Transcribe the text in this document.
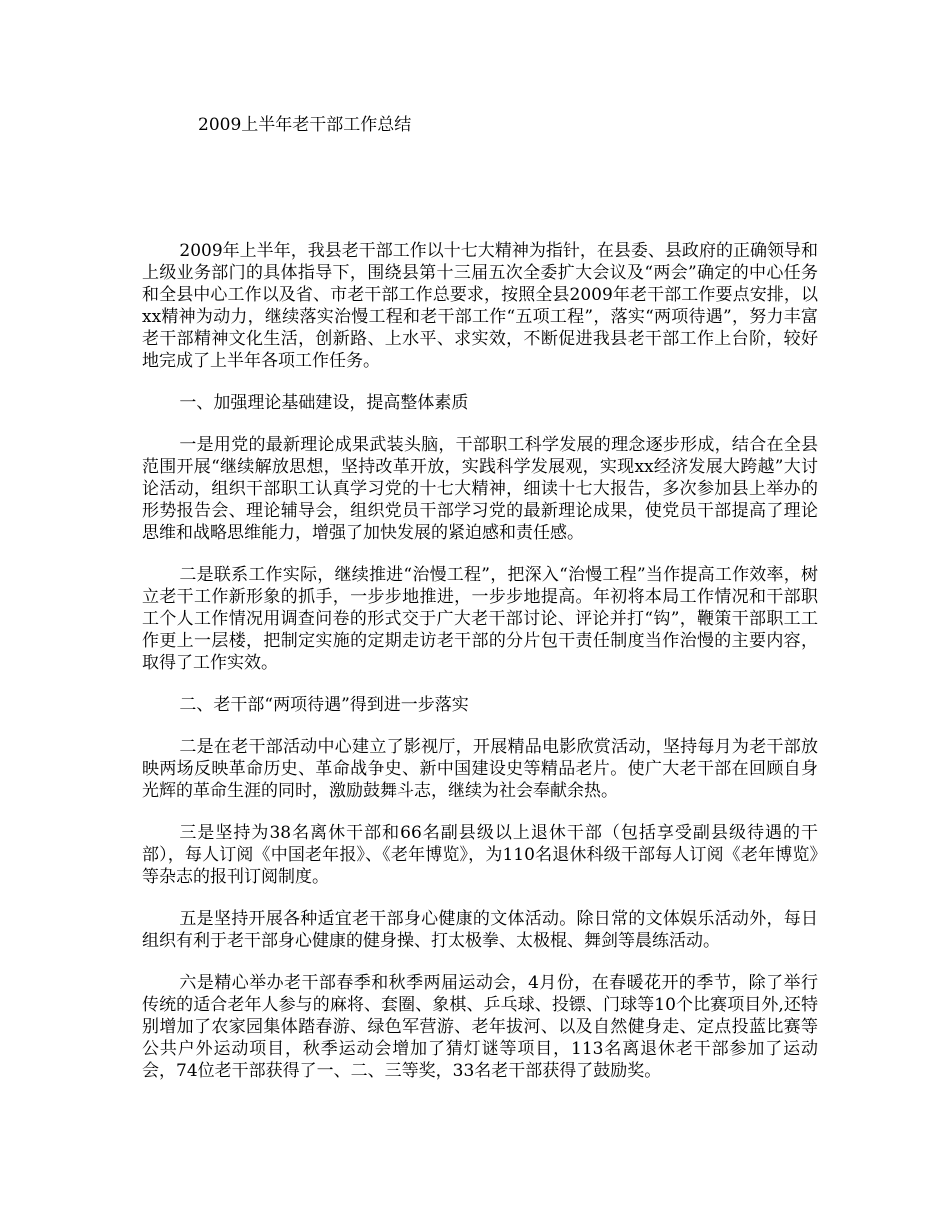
2009上半年老干部工作总结

2009年上半年，我县老干部工作以十七大精神为指针，在县委、县政府的正确领导和上级业务部门的具体指导下，围绕县第十三届五次全委扩大会议及“两会”确定的中心任务和全县中心工作以及省、市老干部工作总要求，按照全县2009年老干部工作要点安排，以xx精神为动力，继续落实治慢工程和老干部工作“五项工程”，落实“两项待遇”，努力丰富老干部精神文化生活，创新路、上水平、求实效，不断促进我县老干部工作上台阶，较好地完成了上半年各项工作任务。

一、加强理论基础建设，提高整体素质

一是用党的最新理论成果武装头脑，干部职工科学发展的理念逐步形成，结合在全县范围开展“继续解放思想，坚持改革开放，实践科学发展观，实现xx经济发展大跨越”大讨论活动，组织干部职工认真学习党的十七大精神，细读十七大报告，多次参加县上举办的形势报告会、理论辅导会，组织党员干部学习党的最新理论成果，使党员干部提高了理论思维和战略思维能力，增强了加快发展的紧迫感和责任感。

二是联系工作实际，继续推进“治慢工程”，把深入“治慢工程”当作提高工作效率，树立老干工作新形象的抓手，一步步地推进，一步步地提高。年初将本局工作情况和干部职工个人工作情况用调查问卷的形式交于广大老干部讨论、评论并打“钩”，鞭策干部职工工作更上一层楼，把制定实施的定期走访老干部的分片包干责任制度当作治慢的主要内容，取得了工作实效。

二、老干部“两项待遇”得到进一步落实

二是在老干部活动中心建立了影视厅，开展精品电影欣赏活动，坚持每月为老干部放映两场反映革命历史、革命战争史、新中国建设史等精品老片。使广大老干部在回顾自身光辉的革命生涯的同时，激励鼓舞斗志，继续为社会奉献余热。

三是坚持为38名离休干部和66名副县级以上退休干部（包括享受副县级待遇的干部），每人订阅《中国老年报》、《老年博览》，为110名退休科级干部每人订阅《老年博览》等杂志的报刊订阅制度。

五是坚持开展各种适宜老干部身心健康的文体活动。除日常的文体娱乐活动外，每日组织有利于老干部身心健康的健身操、打太极拳、太极棍、舞剑等晨练活动。

六是精心举办老干部春季和秋季两届运动会，4月份，在春暖花开的季节，除了举行传统的适合老年人参与的麻将、套圈、象棋、乒乓球、投镖、门球等10个比赛项目外,还特别增加了农家园集体踏春游、绿色军营游、老年拔河、以及自然健身走、定点投蓝比赛等公共户外运动项目，秋季运动会增加了猜灯谜等项目，113名离退休老干部参加了运动会，74位老干部获得了一、二、三等奖，33名老干部获得了鼓励奖。
